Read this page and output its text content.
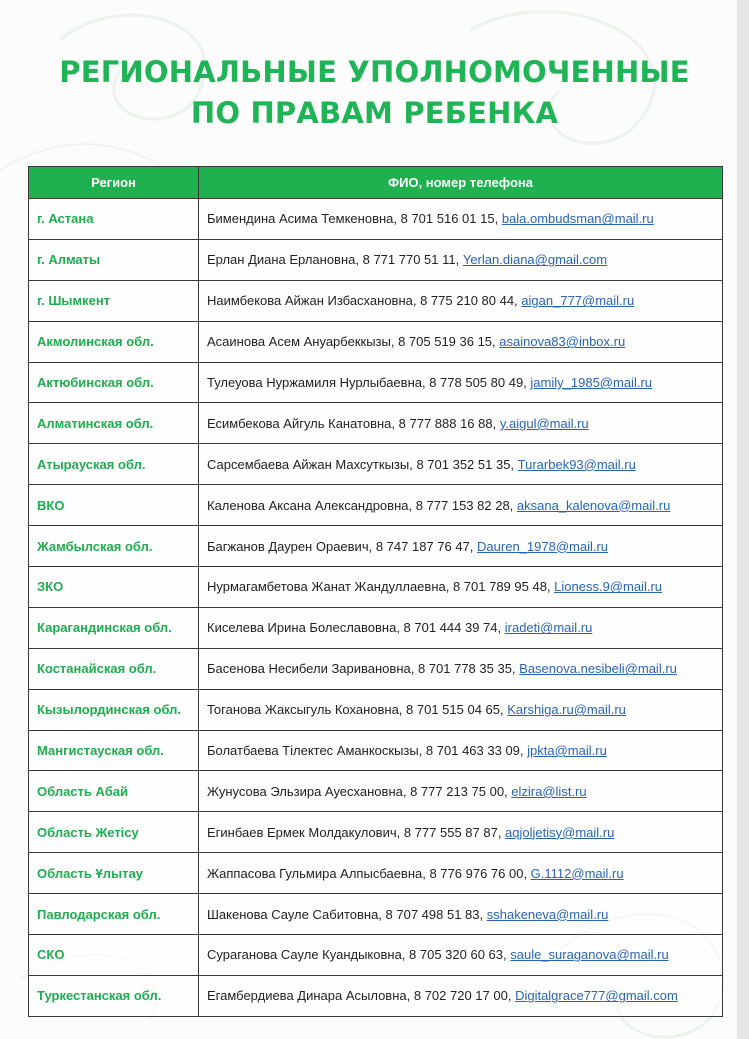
РЕГИОНАЛЬНЫЕ УПОЛНОМОЧЕННЫЕ
ПО ПРАВАМ РЕБЕНКА
Регион	ФИО, номер телефона
г. Астана	Бимендина Асима Темкеновна, 8 701 516 01 15, bala.ombudsman@mail.ru
г. Алматы	Ерлан Диана Ерлановна, 8 771 770 51 11, Yerlan.diana@gmail.com
г. Шымкент	Наимбекова Айжан Избасхановна, 8 775 210 80 44, aigan_777@mail.ru
Акмолинская обл.	Асаинова Асем Ануарбеккызы, 8 705 519 36 15, asainova83@inbox.ru
Актюбинская обл.	Тулеуова Нуржамиля Нурлыбаевна, 8 778 505 80 49, jamily_1985@mail.ru
Алматинская обл.	Есимбекова Айгуль Канатовна, 8 777 888 16 88, y.aigul@mail.ru
Атырауская обл.	Сарсембаева Айжан Махсуткызы, 8 701 352 51 35, Turarbek93@mail.ru
ВКО	Каленова Аксана Александровна, 8 777 153 82 28, aksana_kalenova@mail.ru
Жамбылская обл.	Багжанов Даурен Ораевич, 8 747 187 76 47, Dauren_1978@mail.ru
ЗКО	Нурмагамбетова Жанат Жандуллаевна, 8 701 789 95 48, Lioness.9@mail.ru
Карагандинская обл.	Киселева Ирина Болеславовна, 8 701 444 39 74, iradeti@mail.ru
Костанайская обл.	Басенова Несибели Заривановна, 8 701 778 35 35, Basenova.nesibeli@mail.ru
Кызылординская обл.	Тоганова Жаксыгуль Кохановна, 8 701 515 04 65, Karshiga.ru@mail.ru
Мангистауская обл.	Болатбаева Тілектес Аманкоскызы, 8 701 463 33 09, jpkta@mail.ru
Область Абай	Жунусова Эльзира Ауесхановна, 8 777 213 75 00, elzira@list.ru
Область Жетісу	Егинбаев Ермек Молдакулович, 8 777 555 87 87, aqjoljetisy@mail.ru
Область Ұлытау	Жаппасова Гульмира Алпысбаевна, 8 776 976 76 00, G.1112@mail.ru
Павлодарская обл.	Шакенова Сауле Сабитовна, 8 707 498 51 83, sshakeneva@mail.ru
СКО	Сураганова Сауле Куандыковна, 8 705 320 60 63, saule_suraganova@mail.ru
Туркестанская обл.	Егамбердиева Динара Асыловна, 8 702 720 17 00, Digitalgrace777@gmail.com
